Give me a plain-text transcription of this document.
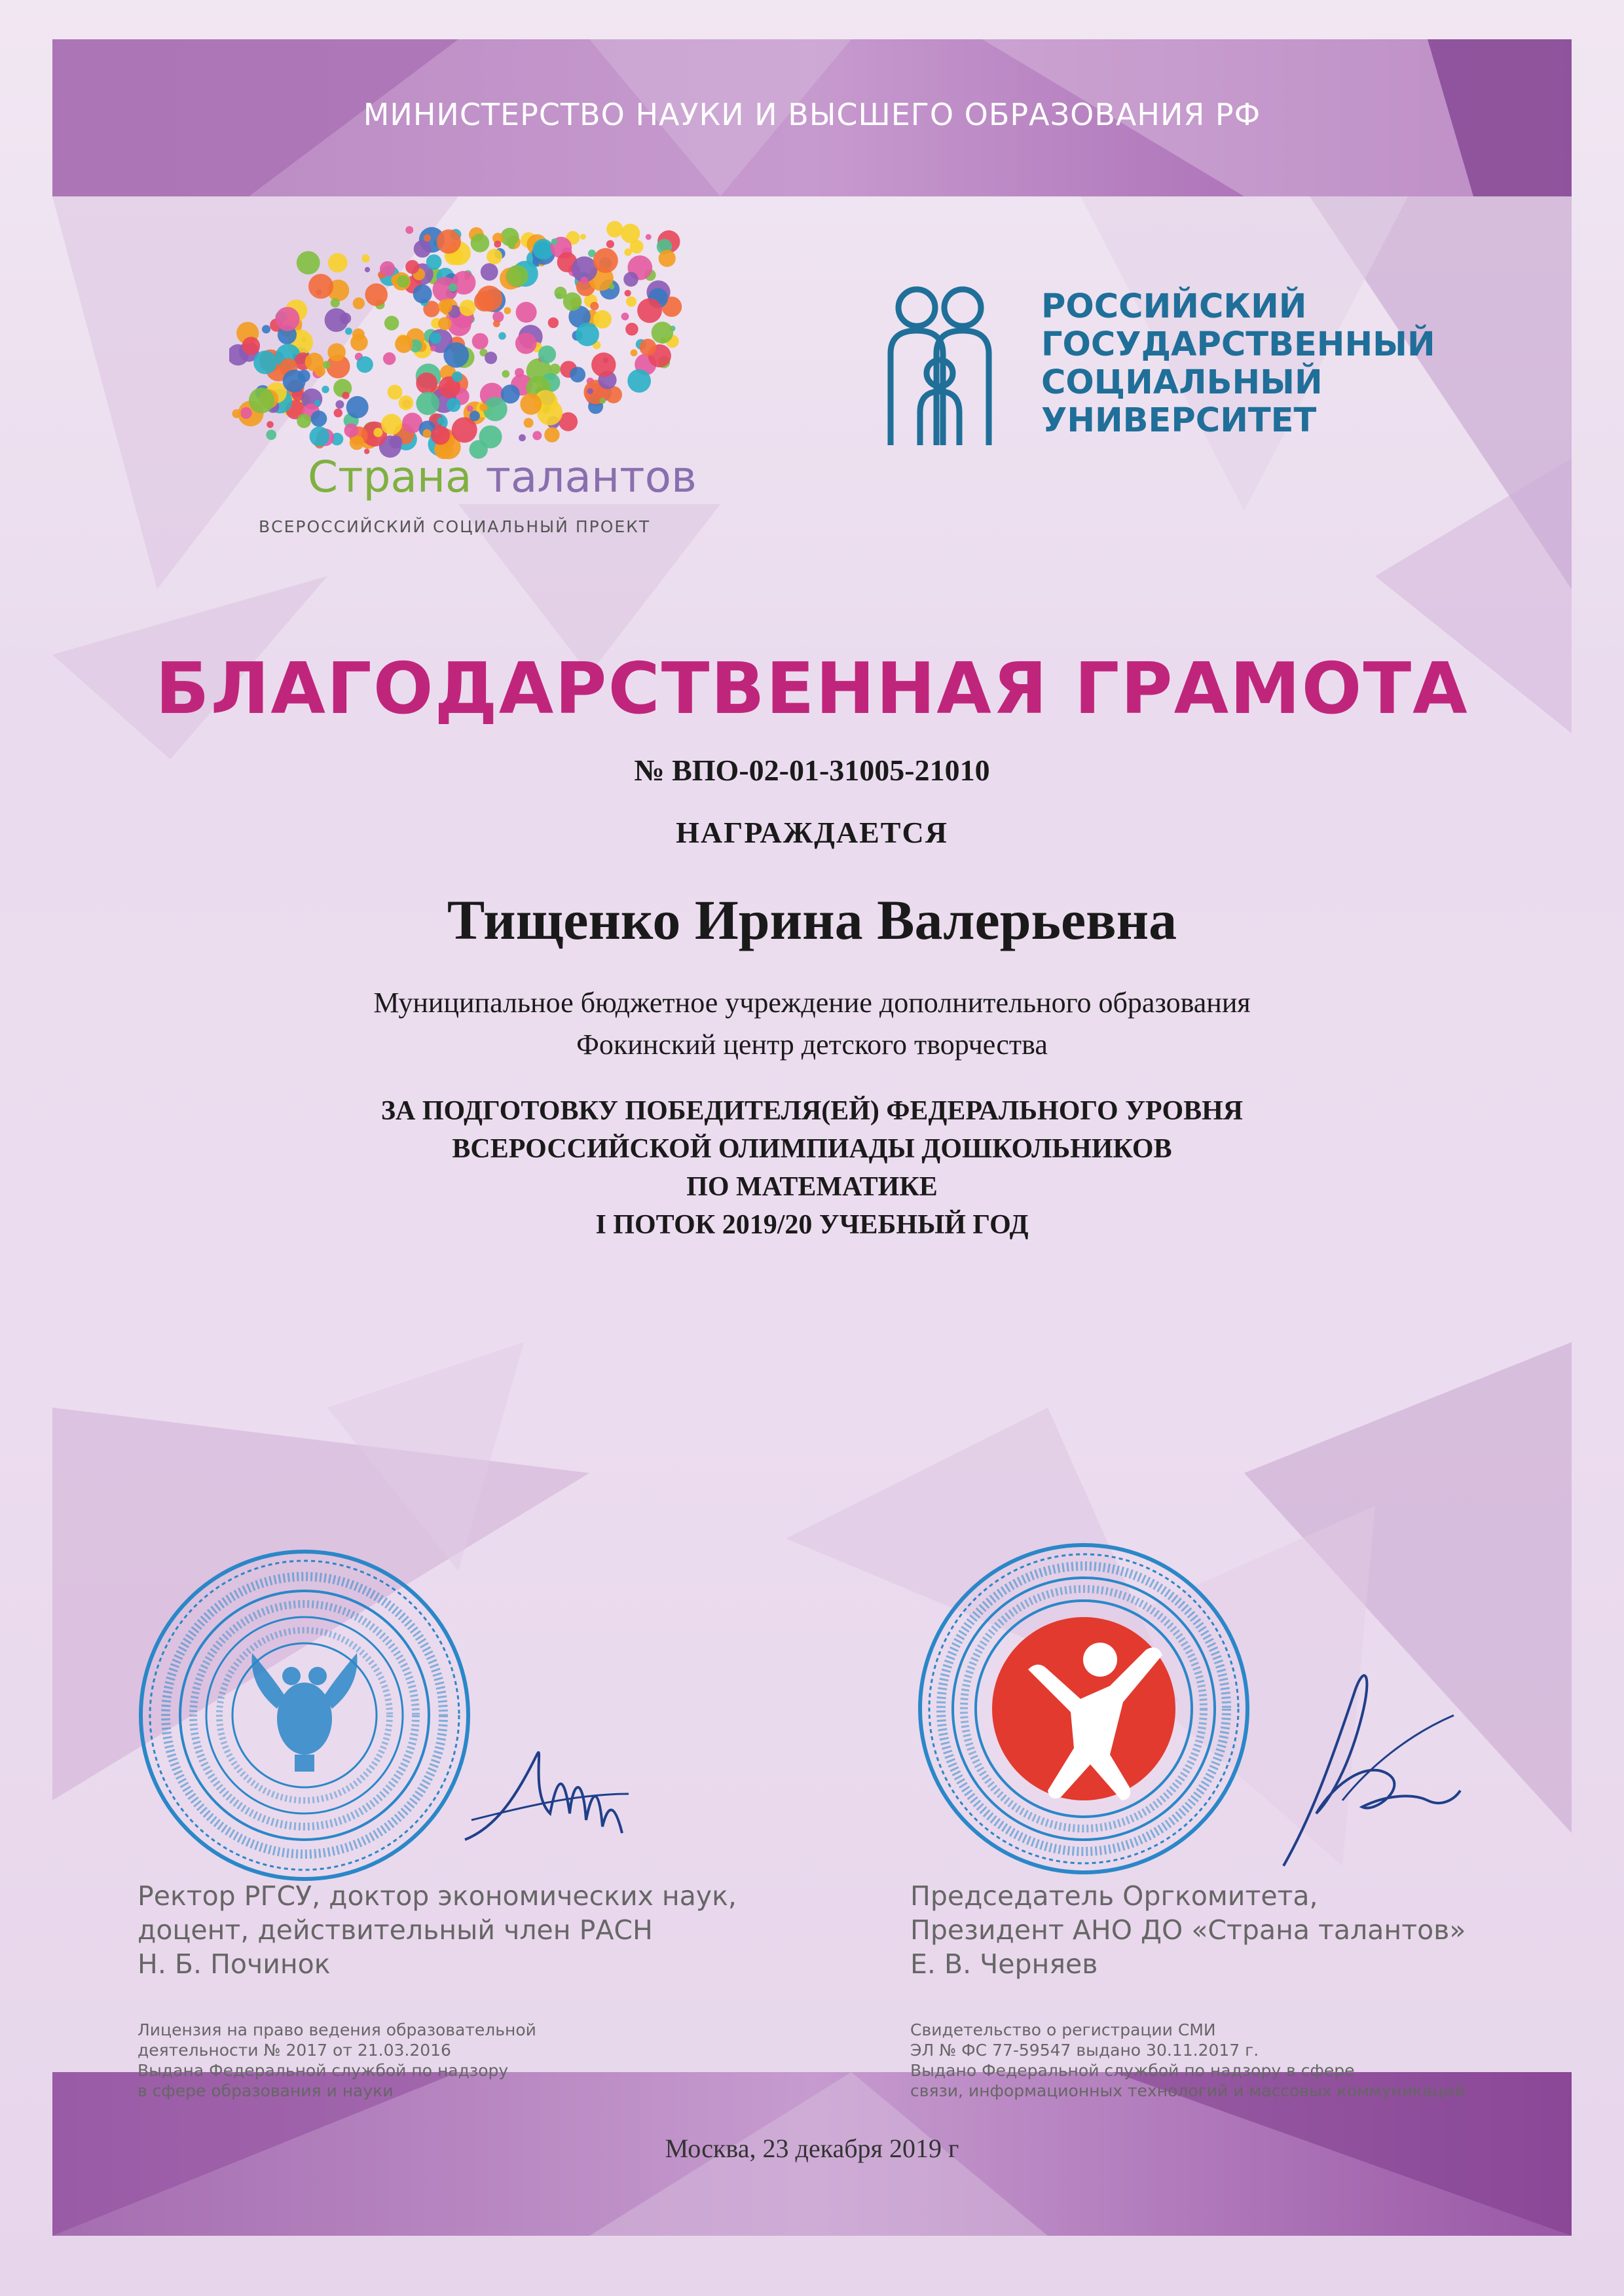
МИНИСТЕРСТВО НАУКИ И ВЫСШЕГО ОБРАЗОВАНИЯ РФ
Страна талантов
ВСЕРОССИЙСКИЙ СОЦИАЛЬНЫЙ ПРОЕКТ
РОССИЙСКИЙ
ГОСУДАРСТВЕННЫЙ
СОЦИАЛЬНЫЙ
УНИВЕРСИТЕТ
БЛАГОДАРСТВЕННАЯ ГРАМОТА
№ ВПО-02-01-31005-21010
НАГРАЖДАЕТСЯ
Тищенко Ирина Валерьевна
Муниципальное бюджетное учреждение дополнительного образования
Фокинский центр детского творчества
ЗА ПОДГОТОВКУ ПОБЕДИТЕЛЯ(ЕЙ) ФЕДЕРАЛЬНОГО УРОВНЯ
ВСЕРОССИЙСКОЙ ОЛИМПИАДЫ ДОШКОЛЬНИКОВ
ПО МАТЕМАТИКЕ
I ПОТОК 2019/20 УЧЕБНЫЙ ГОД
Ректор РГСУ, доктор экономических наук,
доцент, действительный член РАСН
Н. Б. Починок
Председатель Оргкомитета,
Президент АНО ДО «Страна талантов»
Е. В. Черняев
Лицензия на право ведения образовательной
деятельности № 2017 от 21.03.2016
Выдана Федеральной службой по надзору
в сфере образования и науки
Свидетельство о регистрации СМИ
ЭЛ № ФС 77-59547 выдано 30.11.2017 г.
Выдано Федеральной службой по надзору в сфере
связи, информационных технологий и массовых коммуникаций
Москва, 23 декабря 2019 г
